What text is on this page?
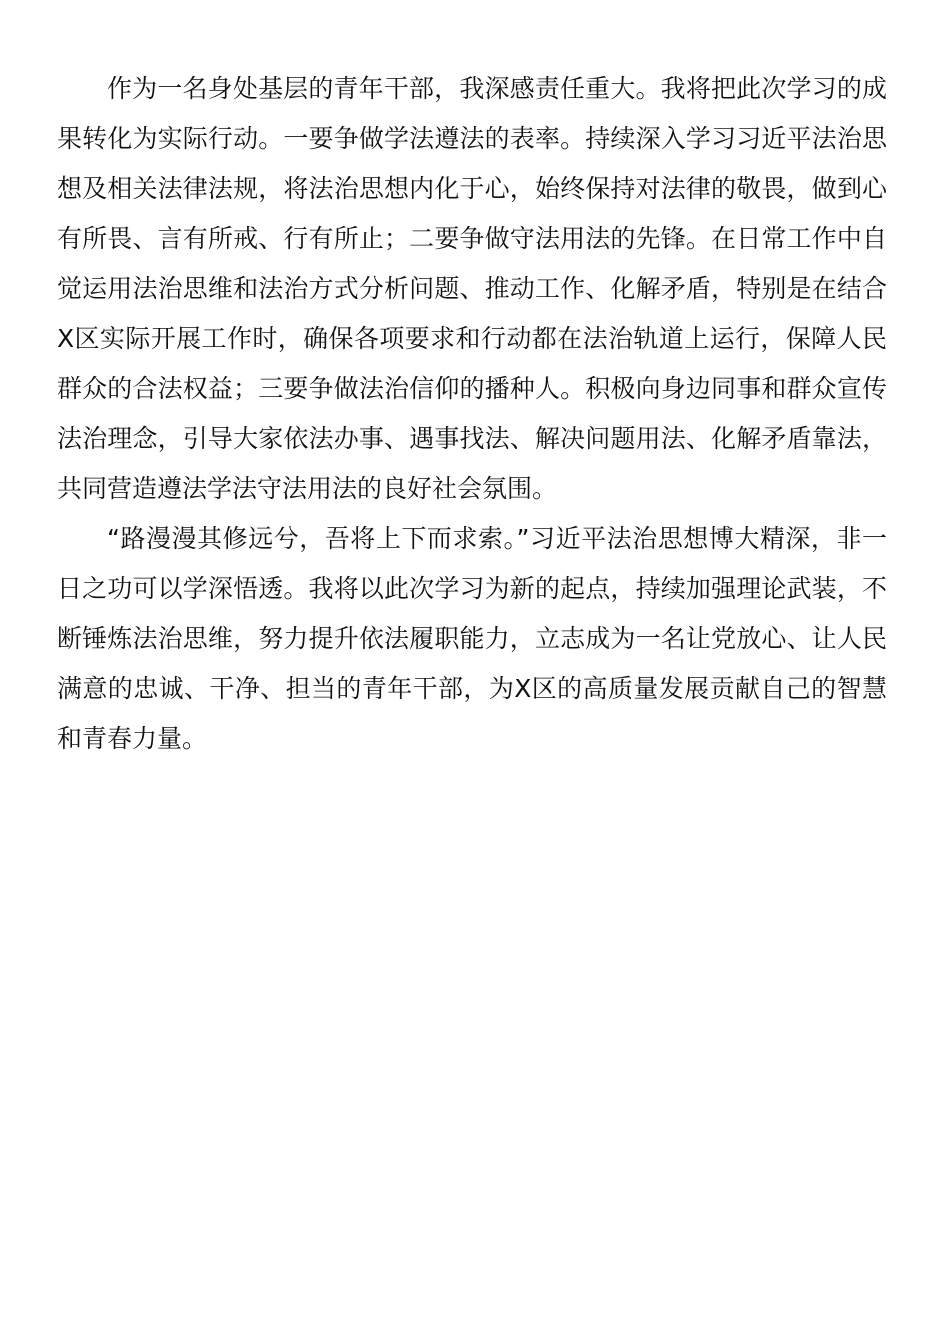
作为一名身处基层的青年干部，我深感责任重大。我将把此次学习的成果转化为实际行动。一要争做学法遵法的表率。持续深入学习习近平法治思想及相关法律法规，将法治思想内化于心，始终保持对法律的敬畏，做到心有所畏、言有所戒、行有所止；二要争做守法用法的先锋。在日常工作中自觉运用法治思维和法治方式分析问题、推动工作、化解矛盾，特别是在结合X区实际开展工作时，确保各项要求和行动都在法治轨道上运行，保障人民群众的合法权益；三要争做法治信仰的播种人。积极向身边同事和群众宣传法治理念，引导大家依法办事、遇事找法、解决问题用法、化解矛盾靠法，共同营造遵法学法守法用法的良好社会氛围。

“路漫漫其修远兮，吾将上下而求索。”习近平法治思想博大精深，非一日之功可以学深悟透。我将以此次学习为新的起点，持续加强理论武装，不断锤炼法治思维，努力提升依法履职能力，立志成为一名让党放心、让人民满意的忠诚、干净、担当的青年干部，为X区的高质量发展贡献自己的智慧和青春力量。
